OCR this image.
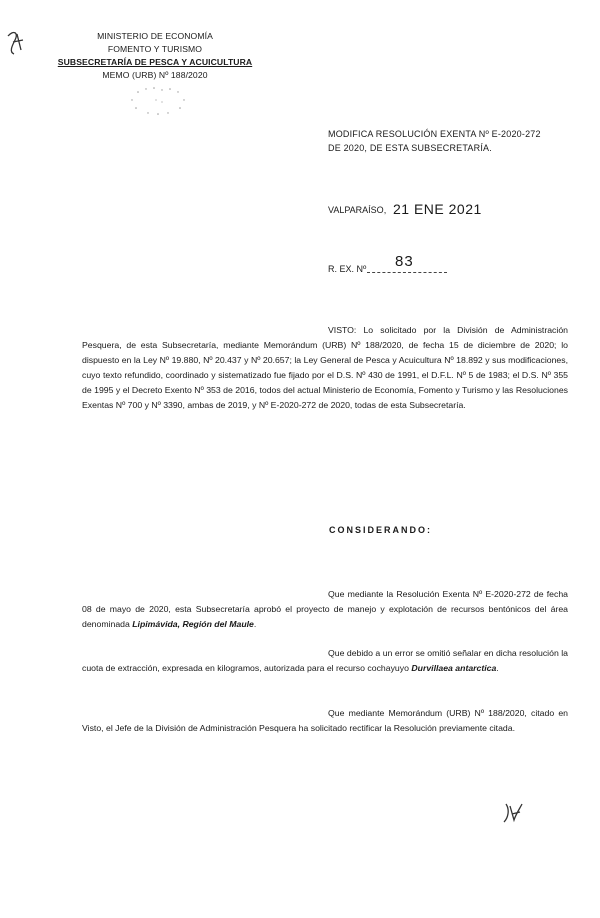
MINISTERIO DE ECONOMÍA
FOMENTO Y TURISMO
SUBSECRETARÍA DE PESCA Y ACUICULTURA
MEMO (URB) Nº 188/2020
MODIFICA RESOLUCIÓN EXENTA Nº E-2020-272
DE 2020, DE ESTA SUBSECRETARÍA.
VALPARAÍSO, 21 ENE 2021
R. EX. Nº 83
VISTO: Lo solicitado por la División de Administración Pesquera, de esta Subsecretaría, mediante Memorándum (URB) Nº 188/2020, de fecha 15 de diciembre de 2020; lo dispuesto en la Ley Nº 19.880, Nº 20.437 y Nº 20.657; la Ley General de Pesca y Acuicultura Nº 18.892 y sus modificaciones, cuyo texto refundido, coordinado y sistematizado fue fijado por el D.S. Nº 430 de 1991, el D.F.L. Nº 5 de 1983; el D.S. Nº 355 de 1995 y el Decreto Exento Nº 353 de 2016, todos del actual Ministerio de Economía, Fomento y Turismo y las Resoluciones Exentas Nº 700 y Nº 3390, ambas de 2019, y Nº E-2020-272 de 2020, todas de esta Subsecretaría.
CONSIDERANDO:
Que mediante la Resolución Exenta Nº E-2020-272 de fecha 08 de mayo de 2020, esta Subsecretaría aprobó el proyecto de manejo y explotación de recursos bentónicos del área denominada Lipimávida, Región del Maule.
Que debido a un error se omitió señalar en dicha resolución la cuota de extracción, expresada en kilogramos, autorizada para el recurso cochayuyo Durvillaea antarctica.
Que mediante Memorándum (URB) Nº 188/2020, citado en Visto, el Jefe de la División de Administración Pesquera ha solicitado rectificar la Resolución previamente citada.
